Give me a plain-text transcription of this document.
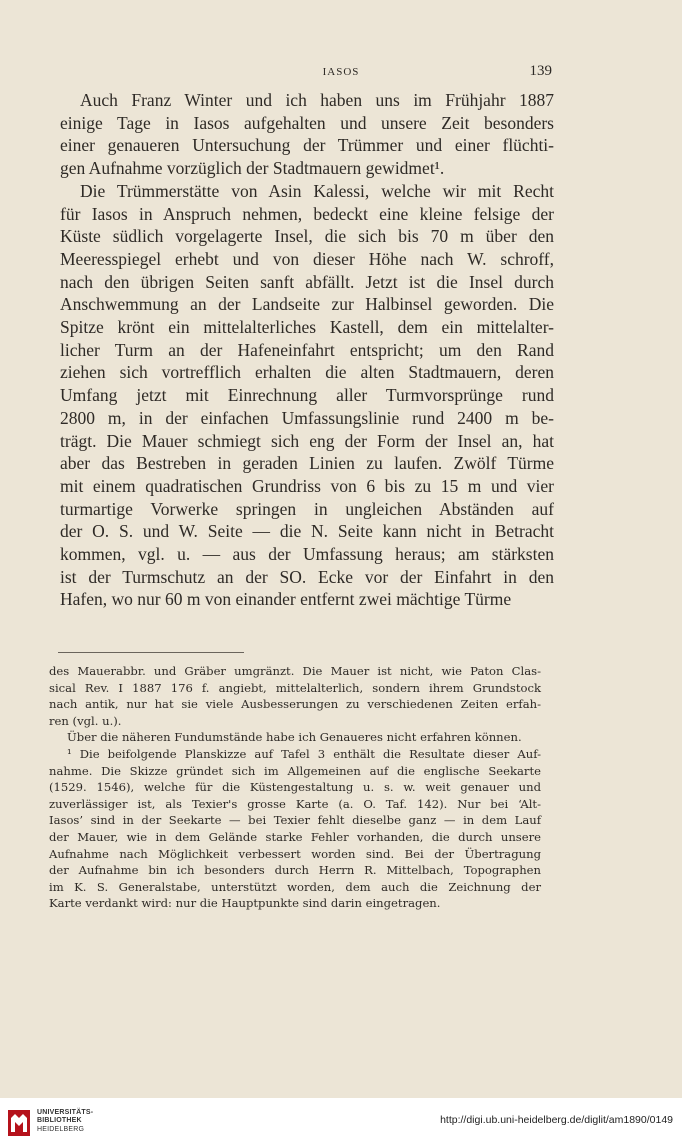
IASOS	139

Auch Franz Winter und ich haben uns im Frühjahr 1887

einige Tage in Iasos aufgehalten und unsere Zeit besonders

einer genaueren Untersuchung der Trümmer und einer flüchti-

gen Aufnahme vorzüglich der Stadtmauern gewidmet¹.

Die Trümmerstätte von Asin Kalessi, welche wir mit Recht

für Iasos in Anspruch nehmen, bedeckt eine kleine felsige der

Küste südlich vorgelagerte Insel, die sich bis 70 m über den

Meeresspiegel erhebt und von dieser Höhe nach W. schroff,

nach den übrigen Seiten sanft abfällt. Jetzt ist die Insel durch

Anschwemmung an der Landseite zur Halbinsel geworden. Die

Spitze krönt ein mittelalterliches Kastell, dem ein mittelalter-

licher Turm an der Hafeneinfahrt entspricht; um den Rand

ziehen sich vortrefflich erhalten die alten Stadtmauern, deren

Umfang jetzt mit Einrechnung aller Turmvorsprünge rund

2800 m, in der einfachen Umfassungslinie rund 2400 m be-

trägt. Die Mauer schmiegt sich eng der Form der Insel an, hat

aber das Bestreben in geraden Linien zu laufen. Zwölf Türme

mit einem quadratischen Grundriss von 6 bis zu 15 m und vier

turmartige Vorwerke springen in ungleichen Abständen auf

der O. S. und W. Seite — die N. Seite kann nicht in Betracht

kommen, vgl. u. — aus der Umfassung heraus; am stärksten

ist der Turmschutz an der SO. Ecke vor der Einfahrt in den

Hafen, wo nur 60 m von einander entfernt zwei mächtige Türme

des Mauerabbr. und Gräber umgränzt. Die Mauer ist nicht, wie Paton Clas-

sical Rev. I 1887 176 f. angiebt, mittelalterlich, sondern ihrem Grundstock

nach antik, nur hat sie viele Ausbesserungen zu verschiedenen Zeiten erfah-

ren (vgl. u.).

Über die näheren Fundumstände habe ich Genaueres nicht erfahren können.

¹ Die beifolgende Planskizze auf Tafel 3 enthält die Resultate dieser Auf-

nahme. Die Skizze gründet sich im Allgemeinen auf die englische Seekarte

(1529. 1546), welche für die Küstengestaltung u. s. w. weit genauer und

zuverlässiger ist, als Texier's grosse Karte (a. O. Taf. 142). Nur bei ‘Alt-

Iasos’ sind in der Seekarte — bei Texier fehlt dieselbe ganz — in dem Lauf

der Mauer, wie in dem Gelände starke Fehler vorhanden, die durch unsere

Aufnahme nach Möglichkeit verbessert worden sind. Bei der Übertragung

der Aufnahme bin ich besonders durch Herrn R. Mittelbach, Topographen

im K. S. Generalstabe, unterstützt worden, dem auch die Zeichnung der

Karte verdankt wird: nur die Hauptpunkte sind darin eingetragen.

UNIVERSITÄTS-
BIBLIOTHEK
HEIDELBERG
http://digi.ub.uni-heidelberg.de/diglit/am1890/0149
